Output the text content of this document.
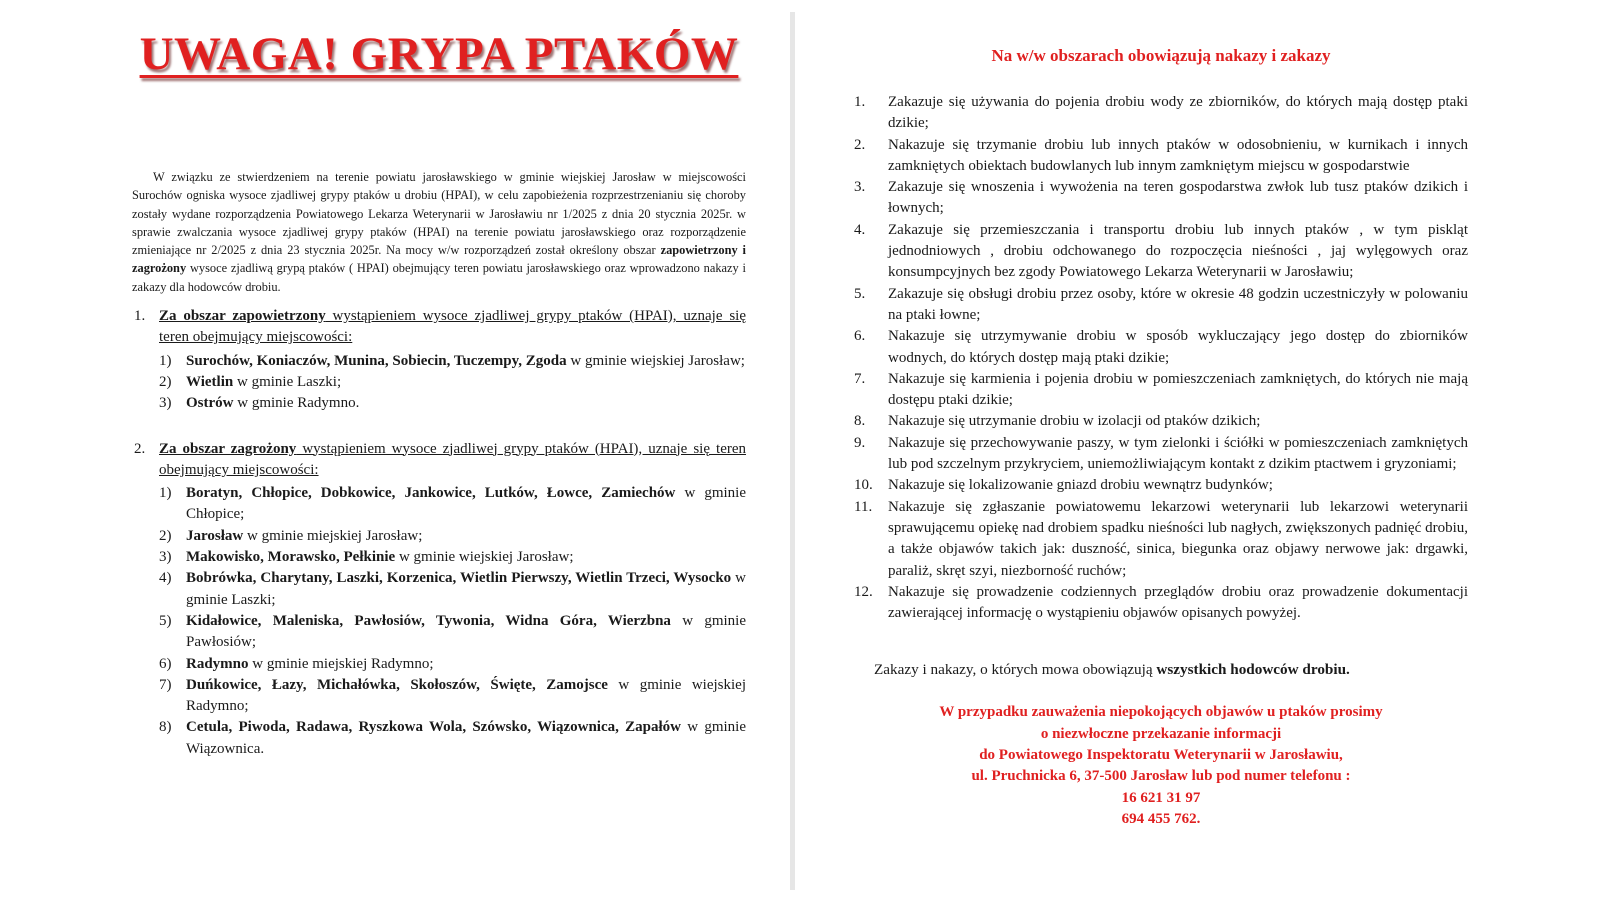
UWAGA! GRYPA PTAKÓW

W związku ze stwierdzeniem na terenie powiatu jarosławskiego w gminie wiejskiej Jarosław w miejscowości Surochów ogniska wysoce zjadliwej grypy ptaków u drobiu (HPAI), w celu zapobieżenia rozprzestrzenianiu się choroby zostały wydane rozporządzenia Powiatowego Lekarza Weterynarii w Jarosławiu nr 1/2025 z dnia 20 stycznia 2025r. w sprawie zwalczania wysoce zjadliwej grypy ptaków (HPAI) na terenie powiatu jarosławskiego oraz rozporządzenie zmieniające nr 2/2025 z dnia 23 stycznia 2025r. Na mocy w/w rozporządzeń został określony obszar zapowietrzony i zagrożony wysoce zjadliwą grypą ptaków ( HPAI) obejmujący teren powiatu jarosławskiego oraz wprowadzono nakazy i zakazy dla hodowców drobiu.

1. Za obszar zapowietrzony wystąpieniem wysoce zjadliwej grypy ptaków (HPAI), uznaje się teren obejmujący miejscowości:
1) Surochów, Koniaczów, Munina, Sobiecin, Tuczempy, Zgoda w gminie wiejskiej Jarosław;
2) Wietlin w gminie Laszki;
3) Ostrów w gminie Radymno.
2. Za obszar zagrożony wystąpieniem wysoce zjadliwej grypy ptaków (HPAI), uznaje się teren obejmujący miejscowości:
1) Boratyn, Chłopice, Dobkowice, Jankowice, Lutków, Łowce, Zamiechów w gminie Chłopice;
2) Jarosław w gminie miejskiej Jarosław;
3) Makowisko, Morawsko, Pełkinie w gminie wiejskiej Jarosław;
4) Bobrówka, Charytany, Laszki, Korzenica, Wietlin Pierwszy, Wietlin Trzeci, Wysocko w gminie Laszki;
5) Kidałowice, Maleniska, Pawłosiów, Tywonia, Widna Góra, Wierzbna w gminie Pawłosiów;
6) Radymno w gminie miejskiej Radymno;
7) Duńkowice, Łazy, Michałówka, Skołoszów, Święte, Zamojsce w gminie wiejskiej Radymno;
8) Cetula, Piwoda, Radawa, Ryszkowa Wola, Szówsko, Wiązownica, Zapałów w gminie Wiązownica.
Na w/w obszarach obowiązują nakazy i zakazy
1. Zakazuje się używania do pojenia drobiu wody ze zbiorników, do których mają dostęp ptaki dzikie;
2. Nakazuje się trzymanie drobiu lub innych ptaków w odosobnieniu, w kurnikach i innych zamkniętych obiektach budowlanych lub innym zamkniętym miejscu w gospodarstwie
3. Zakazuje się wnoszenia i wywożenia na teren gospodarstwa zwłok lub tusz ptaków dzikich i łownych;
4. Zakazuje się przemieszczania i transportu drobiu lub innych ptaków , w tym piskląt jednodniowych , drobiu odchowanego do rozpoczęcia nieśności , jaj wylęgowych oraz konsumpcyjnych bez zgody Powiatowego Lekarza Weterynarii w Jarosławiu;
5. Zakazuje się obsługi drobiu przez osoby, które w okresie 48 godzin uczestniczyły w polowaniu na ptaki łowne;
6. Nakazuje się utrzymywanie drobiu w sposób wykluczający jego dostęp do zbiorników wodnych, do których dostęp mają ptaki dzikie;
7. Nakazuje się karmienia i pojenia drobiu w pomieszczeniach zamkniętych, do których nie mają dostępu ptaki dzikie;
8. Nakazuje się utrzymanie drobiu w izolacji od ptaków dzikich;
9. Nakazuje się przechowywanie paszy, w tym zielonki i ściółki w pomieszczeniach zamkniętych lub pod szczelnym przykryciem, uniemożliwiającym kontakt z dzikim ptactwem i gryzoniami;
10. Nakazuje się lokalizowanie gniazd drobiu wewnątrz budynków;
11. Nakazuje się zgłaszanie powiatowemu lekarzowi weterynarii lub lekarzowi weterynarii sprawującemu opiekę nad drobiem spadku nieśności lub nagłych, zwiększonych padnięć drobiu, a także objawów takich jak: duszność, sinica, biegunka oraz objawy nerwowe jak: drgawki, paraliż, skręt szyi, niezborność ruchów;
12. Nakazuje się prowadzenie codziennych przeglądów drobiu oraz prowadzenie dokumentacji zawierającej informację o wystąpieniu objawów opisanych powyżej.

Zakazy i nakazy, o których mowa obowiązują wszystkich hodowców drobiu.

W przypadku zauważenia niepokojących objawów u ptaków prosimy
o niezwłoczne przekazanie informacji
do Powiatowego Inspektoratu Weterynarii w Jarosławiu,
ul. Pruchnicka 6, 37-500 Jarosław lub pod numer telefonu :
16 621 31 97
694 455 762.
